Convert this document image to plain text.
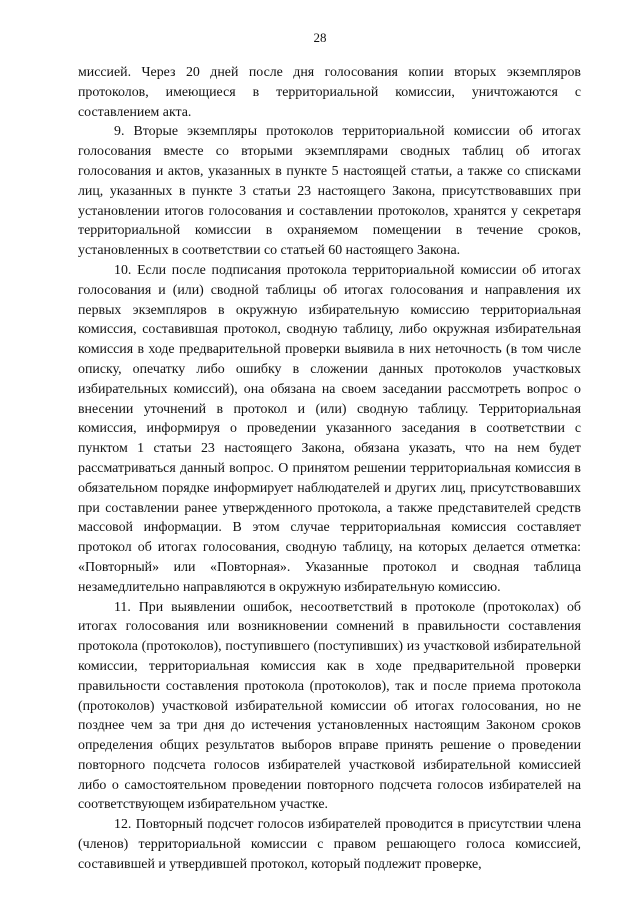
28

миссией. Через 20 дней после дня голосования копии вторых экземпляров протоколов, имеющиеся в территориальной комиссии, уничтожаются с составлением акта.

9. Вторые экземпляры протоколов территориальной комиссии об итогах голосования вместе со вторыми экземплярами сводных таблиц об итогах голосования и актов, указанных в пункте 5 настоящей статьи, а также со списками лиц, указанных в пункте 3 статьи 23 настоящего Закона, присутствовавших при установлении итогов голосования и составлении протоколов, хранятся у секретаря территориальной комиссии в охраняемом помещении в течение сроков, установленных в соответствии со статьей 60 настоящего Закона.

10. Если после подписания протокола территориальной комиссии об итогах голосования и (или) сводной таблицы об итогах голосования и направления их первых экземпляров в окружную избирательную комиссию территориальная комиссия, составившая протокол, сводную таблицу, либо окружная избирательная комиссия в ходе предварительной проверки выявила в них неточность (в том числе описку, опечатку либо ошибку в сложении данных протоколов участковых избирательных комиссий), она обязана на своем заседании рассмотреть вопрос о внесении уточнений в протокол и (или) сводную таблицу. Территориальная комиссия, информируя о проведении указанного заседания в соответствии с пунктом 1 статьи 23 настоящего Закона, обязана указать, что на нем будет рассматриваться данный вопрос. О принятом решении территориальная комиссия в обязательном порядке информирует наблюдателей и других лиц, присутствовавших при составлении ранее утвержденного протокола, а также представителей средств массовой информации. В этом случае территориальная комиссия составляет протокол об итогах голосования, сводную таблицу, на которых делается отметка: «Повторный» или «Повторная». Указанные протокол и сводная таблица незамедлительно направляются в окружную избирательную комиссию.

11. При выявлении ошибок, несоответствий в протоколе (протоколах) об итогах голосования или возникновении сомнений в правильности составления протокола (протоколов), поступившего (поступивших) из участковой избирательной комиссии, территориальная комиссия как в ходе предварительной проверки правильности составления протокола (протоколов), так и после приема протокола (протоколов) участковой избирательной комиссии об итогах голосования, но не позднее чем за три дня до истечения установленных настоящим Законом сроков определения общих результатов выборов вправе принять решение о проведении повторного подсчета голосов избирателей участковой избирательной комиссией либо о самостоятельном проведении повторного подсчета голосов избирателей на соответствующем избирательном участке.

12. Повторный подсчет голосов избирателей проводится в присутствии члена (членов) территориальной комиссии с правом решающего голоса комиссией, составившей и утвердившей протокол, который подлежит проверке,
